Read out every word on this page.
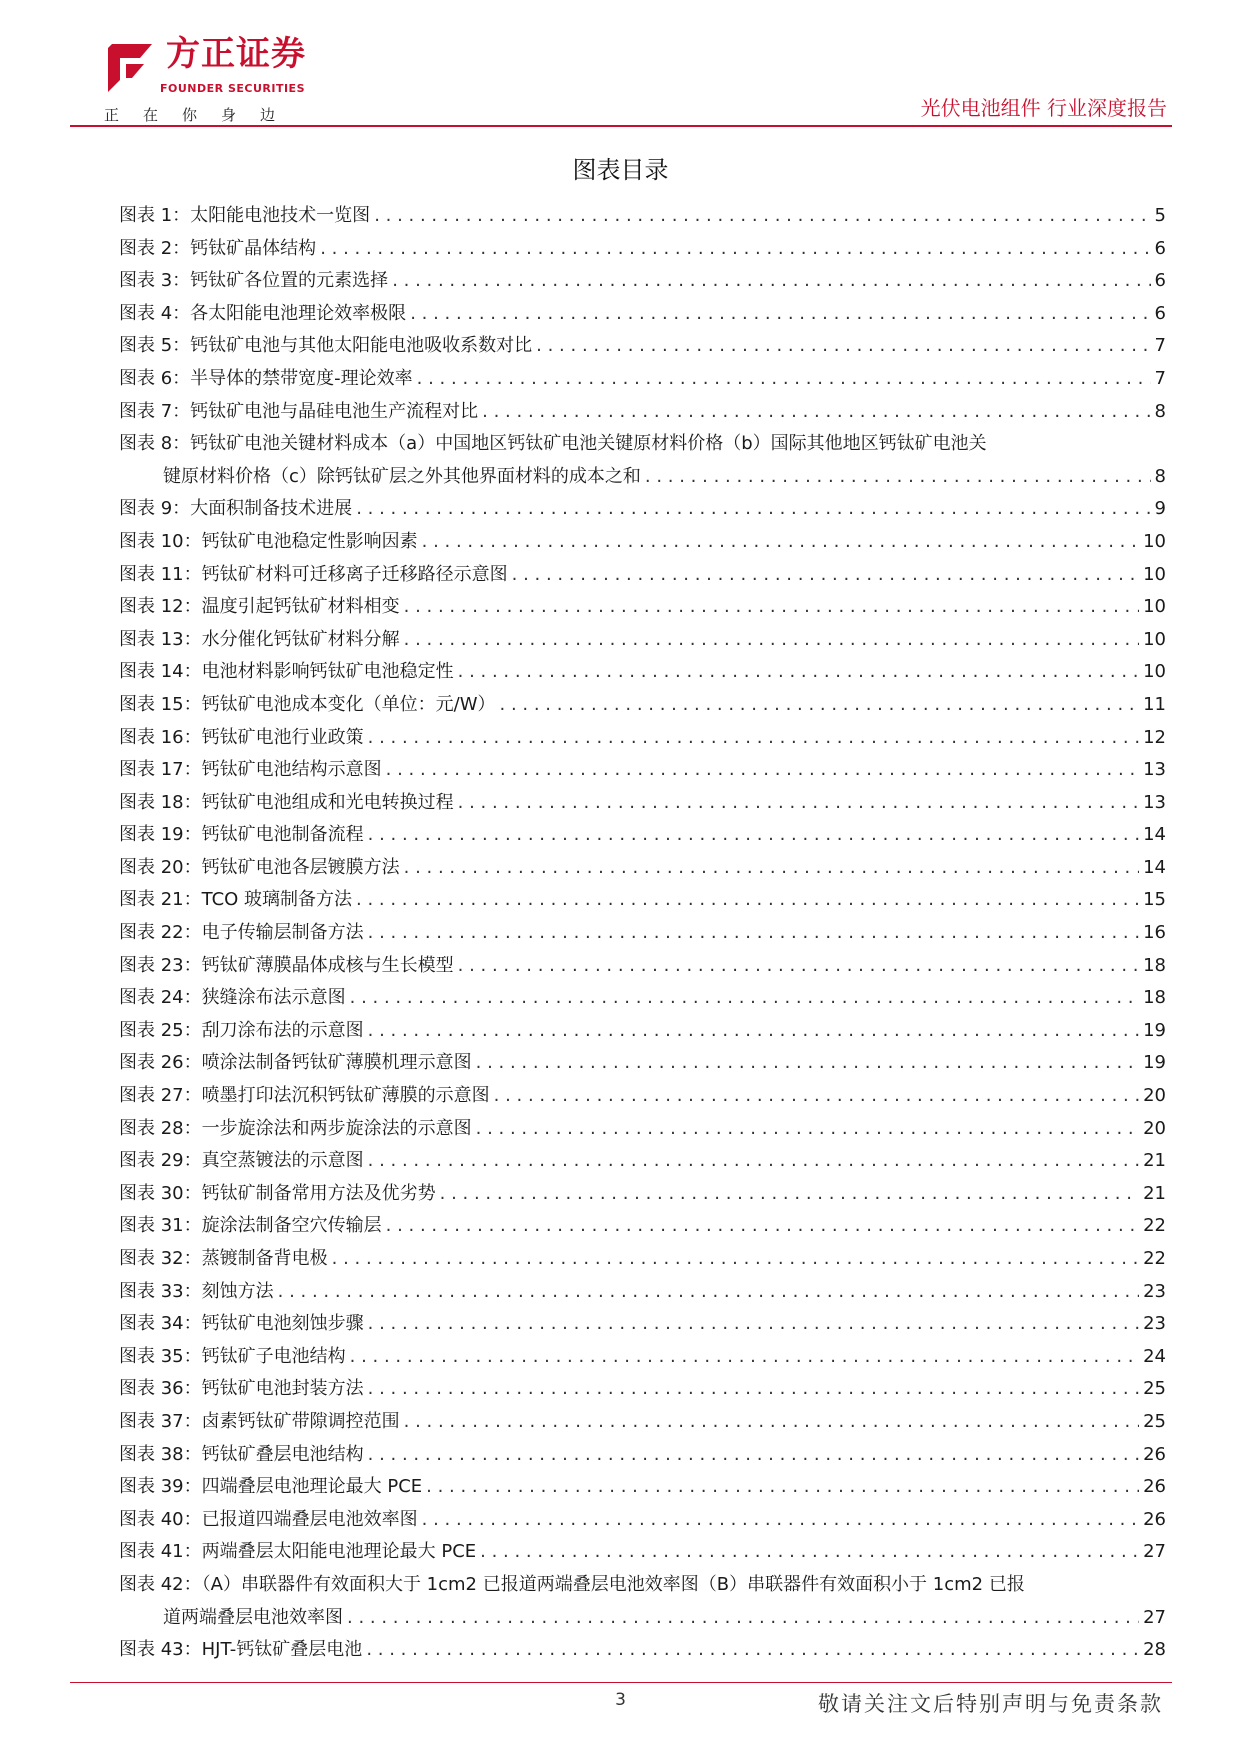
方正证券
FOUNDER SECURITIES
正在你身边	光伏电池组件 行业深度报告
图表目录
图表 1：太阳能电池技术一览图 . . .	5
图表 2：钙钛矿晶体结构 . . .	6
图表 3：钙钛矿各位置的元素选择 . . .	6
图表 4：各太阳能电池理论效率极限 . . .	6
图表 5：钙钛矿电池与其他太阳能电池吸收系数对比 . . .	7
图表 6：半导体的禁带宽度-理论效率 . . .	7
图表 7：钙钛矿电池与晶硅电池生产流程对比 . . .	8
图表 8：钙钛矿电池关键材料成本（a）中国地区钙钛矿电池关键原材料价格（b）国际其他地区钙钛矿电池关
键原材料价格（c）除钙钛矿层之外其他界面材料的成本之和 . . .	8
图表 9：大面积制备技术进展 . . .	9
图表 10：钙钛矿电池稳定性影响因素 . . .	10
图表 11：钙钛矿材料可迁移离子迁移路径示意图 . . .	10
图表 12：温度引起钙钛矿材料相变 . . .	10
图表 13：水分催化钙钛矿材料分解 . . .	10
图表 14：电池材料影响钙钛矿电池稳定性 . . .	10
图表 15：钙钛矿电池成本变化（单位：元/W） . . .	11
图表 16：钙钛矿电池行业政策 . . .	12
图表 17：钙钛矿电池结构示意图 . . .	13
图表 18：钙钛矿电池组成和光电转换过程 . . .	13
图表 19：钙钛矿电池制备流程 . . .	14
图表 20：钙钛矿电池各层镀膜方法 . . .	14
图表 21：TCO 玻璃制备方法 . . .	15
图表 22：电子传输层制备方法 . . .	16
图表 23：钙钛矿薄膜晶体成核与生长模型 . . .	18
图表 24：狭缝涂布法示意图 . . .	18
图表 25：刮刀涂布法的示意图 . . .	19
图表 26：喷涂法制备钙钛矿薄膜机理示意图 . . .	19
图表 27：喷墨打印法沉积钙钛矿薄膜的示意图 . . .	20
图表 28：一步旋涂法和两步旋涂法的示意图 . . .	20
图表 29：真空蒸镀法的示意图 . . .	21
图表 30：钙钛矿制备常用方法及优劣势 . . .	21
图表 31：旋涂法制备空穴传输层 . . .	22
图表 32：蒸镀制备背电极 . . .	22
图表 33：刻蚀方法 . . .	23
图表 34：钙钛矿电池刻蚀步骤 . . .	23
图表 35：钙钛矿子电池结构 . . .	24
图表 36：钙钛矿电池封装方法 . . .	25
图表 37：卤素钙钛矿带隙调控范围 . . .	25
图表 38：钙钛矿叠层电池结构 . . .	26
图表 39：四端叠层电池理论最大 PCE . . .	26
图表 40：已报道四端叠层电池效率图 . . .	26
图表 41：两端叠层太阳能电池理论最大 PCE . . .	27
图表 42：（A）串联器件有效面积大于 1cm2 已报道两端叠层电池效率图（B）串联器件有效面积小于 1cm2 已报
道两端叠层电池效率图 . . .	27
图表 43：HJT-钙钛矿叠层电池 . . .	28
3	敬请关注文后特别声明与免责条款
